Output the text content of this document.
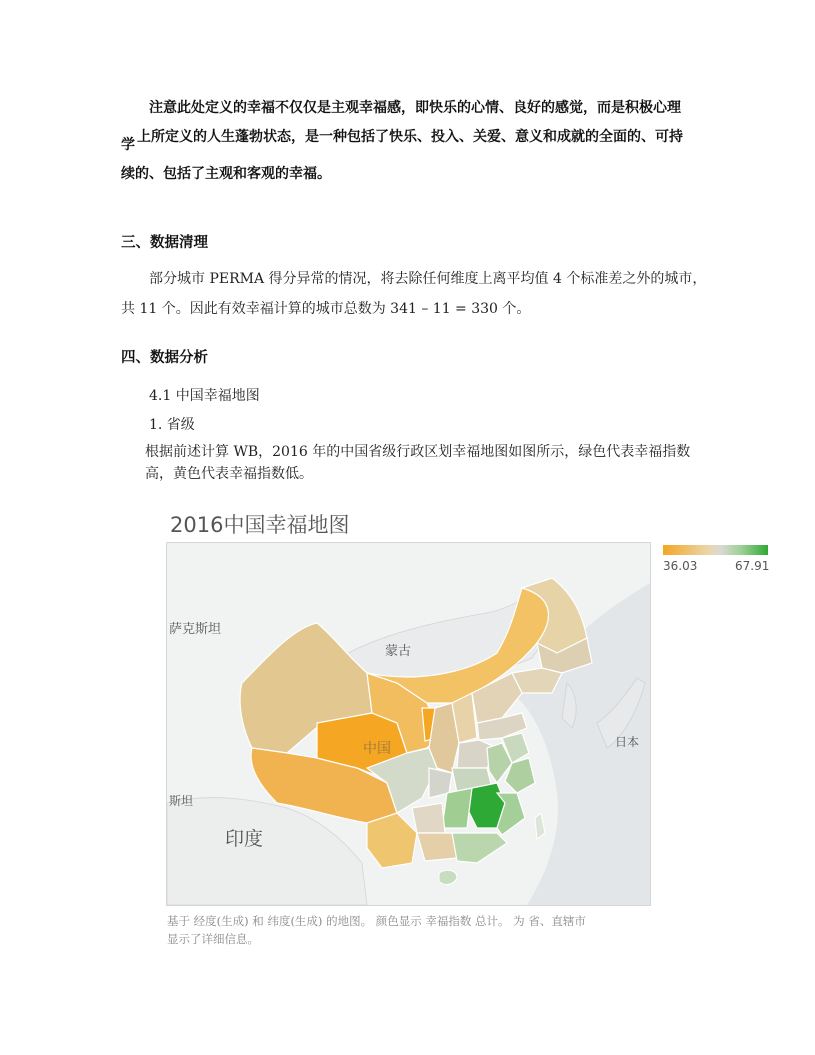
注意此处定义的幸福不仅仅是主观幸福感，即快乐的心情、良好的感觉，而是积极心理
学 上所定义的人生蓬勃状态，是一种包括了快乐、投入、关爱、意义和成就的全面的、可持
续的、包括了主观和客观的幸福。
三、数据清理
部分城市 PERMA 得分异常的情况，将去除任何维度上离平均值 4 个标准差之外的城市，
共 11 个。因此有效幸福计算的城市总数为 341 – 11 = 330 个。
四、数据分析
4.1 中国幸福地图
1. 省级
根据前述计算 WB，2016 年的中国省级行政区划幸福地图如图所示，绿色代表幸福指数
高，黄色代表幸福指数低。
2016中国幸福地图
36.03	67.91
萨克斯坦
蒙古
中国	日本
斯坦
印度
基于 经度(生成) 和 纬度(生成) 的地图。 颜色显示 幸福指数 总计。 为 省、直辖市
显示了详细信息。
